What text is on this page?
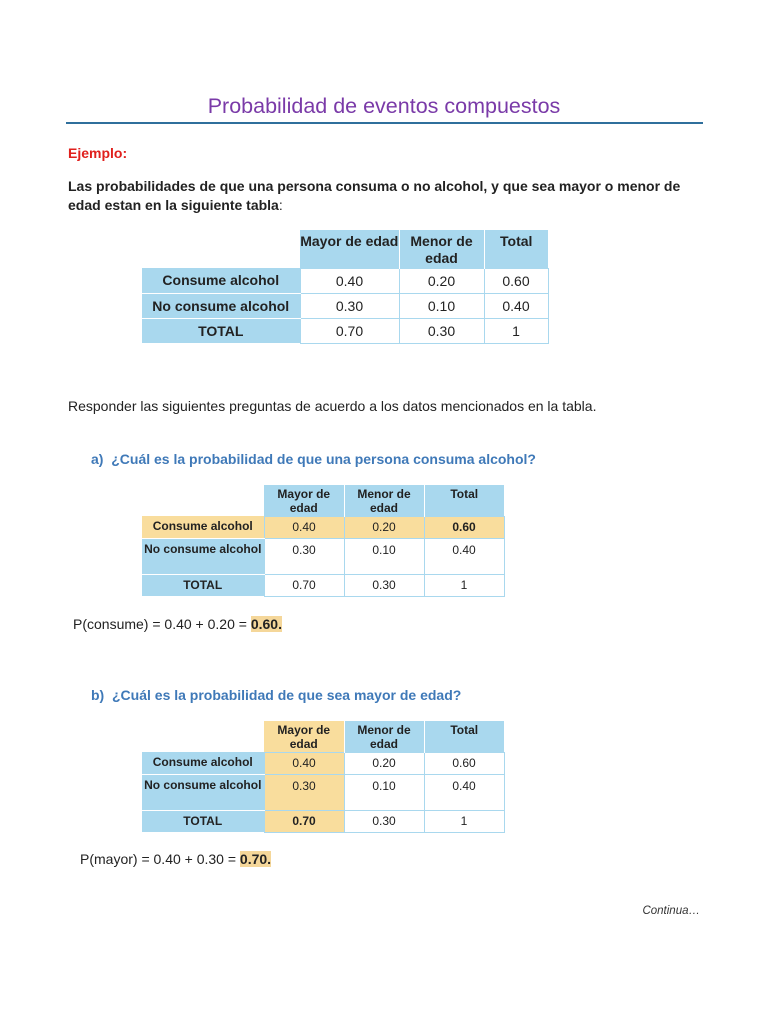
Probabilidad de eventos compuestos
Ejemplo:
Las probabilidades de que una persona consuma o no alcohol, y que sea mayor o menor de edad estan en la siguiente tabla:
	Mayor de edad	Menor de edad	Total
Consume alcohol	0.40	0.20	0.60
No consume alcohol	0.30	0.10	0.40
TOTAL	0.70	0.30	1
Responder las siguientes preguntas de acuerdo a los datos mencionados en la tabla.
a) ¿Cuál es la probabilidad de que una persona consuma alcohol?
	Mayor de edad	Menor de edad	Total
Consume alcohol	0.40	0.20	0.60
No consume alcohol	0.30	0.10	0.40
TOTAL	0.70	0.30	1
P(consume) = 0.40 + 0.20 = 0.60.
b) ¿Cuál es la probabilidad de que sea mayor de edad?
	Mayor de edad	Menor de edad	Total
Consume alcohol	0.40	0.20	0.60
No consume alcohol	0.30	0.10	0.40
TOTAL	0.70	0.30	1
P(mayor) = 0.40 + 0.30 = 0.70.
Continua…
